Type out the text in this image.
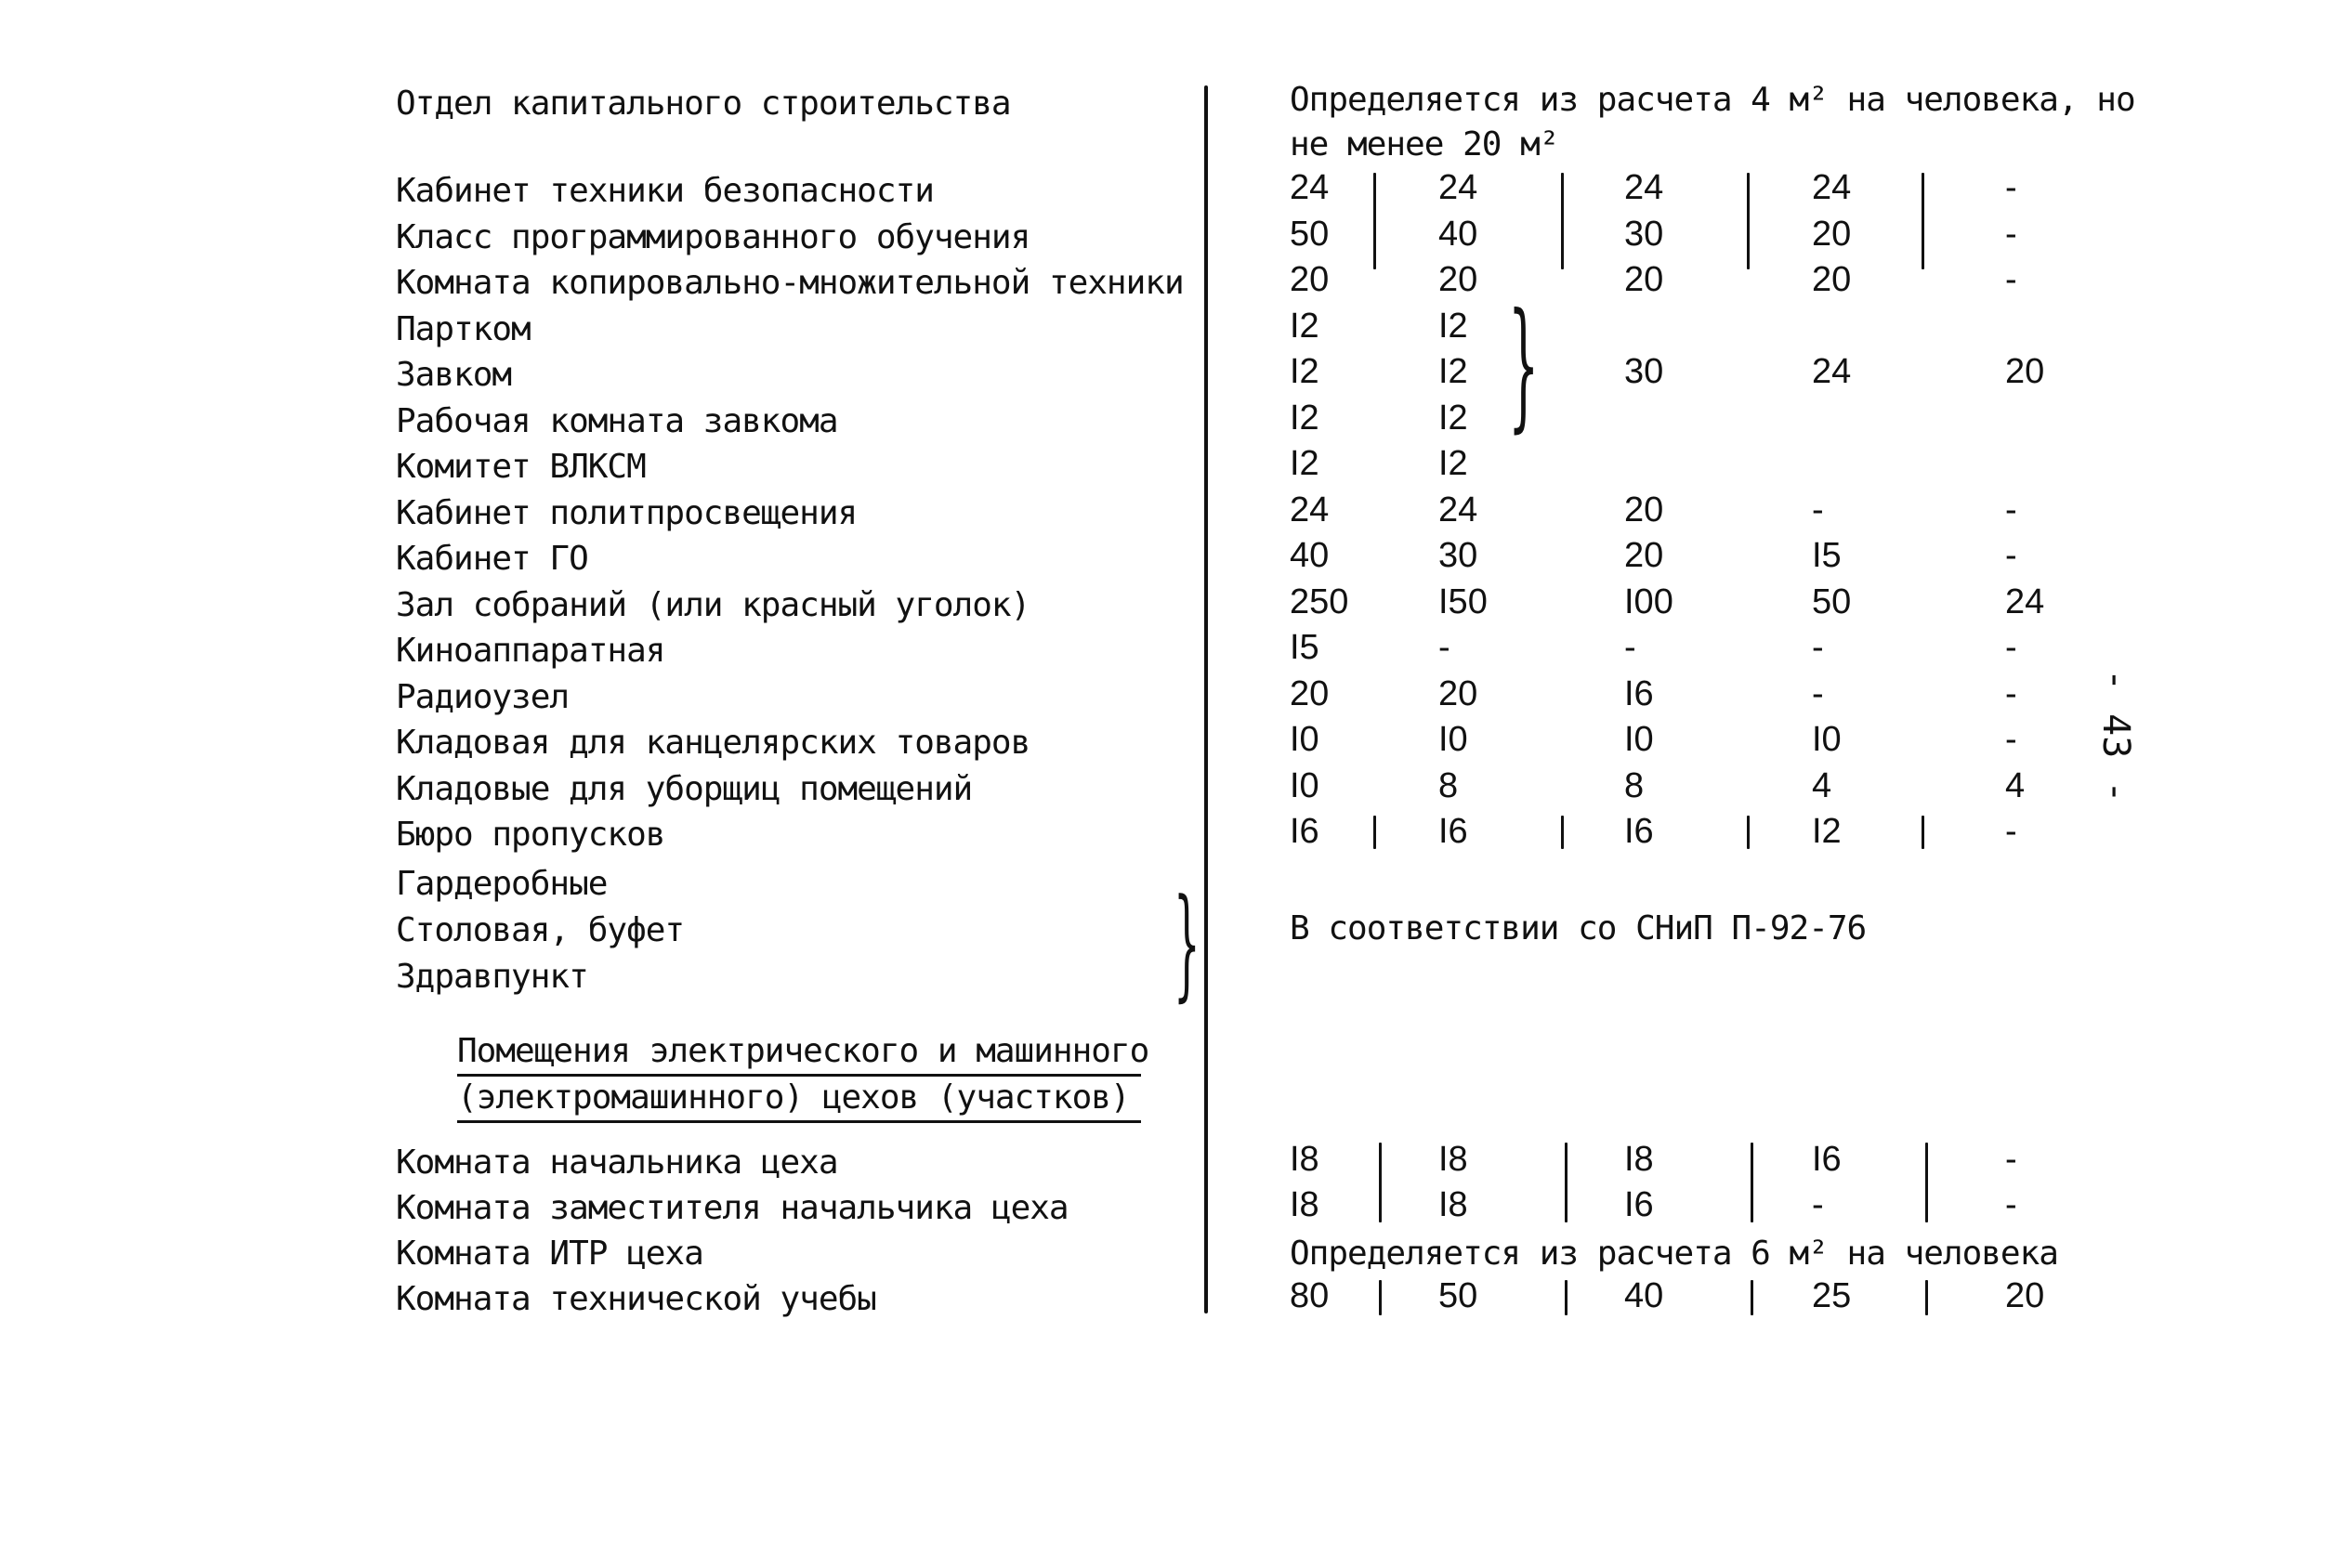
Отдел капитального строительства	Определяется из расчета 4 м² на человека, но
не менее 20 м²
Кабинет техники безопасности	24	24	24	24	-
Класс программированного обучения	50	40	30	20	-
Комната копировально-множительной техники	20	20	20	20	-
Партком	I2	I2
Завком	I2	I2	30	24	20
Рабочая комната завкома	I2	I2
Комитет ВЛКСМ	I2	I2
Кабинет политпросвещения	24	24	20	-	-
Кабинет ГО	40	30	20	I5	-
Зал собраний (или красный уголок)	250	I50	I00	50	24
Киноаппаратная	I5	-	-	-	-
Радиоузел	20	20	I6	-	-
Кладовая для канцелярских товаров	I0	I0	I0	I0	-
Кладовые для уборщиц помещений	I0	8	8	4	4
Бюро пропусков	I6	I6	I6	I2	-
}
Гардеробные
Столовая, буфет
Здравпункт	}	В соответствии со СНиП П-92-76
Помещения электрического и машинного
(электромашинного) цехов (участков)
Комната начальника цеха	I8	I8	I8	I6	-
Комната заместителя начальчика цеха	I8	I8	I6	-	-
Комната ИТР цеха	Определяется из расчета 6 м² на человека
Комната технической учебы	80	50	40	25	20
- 43 -
